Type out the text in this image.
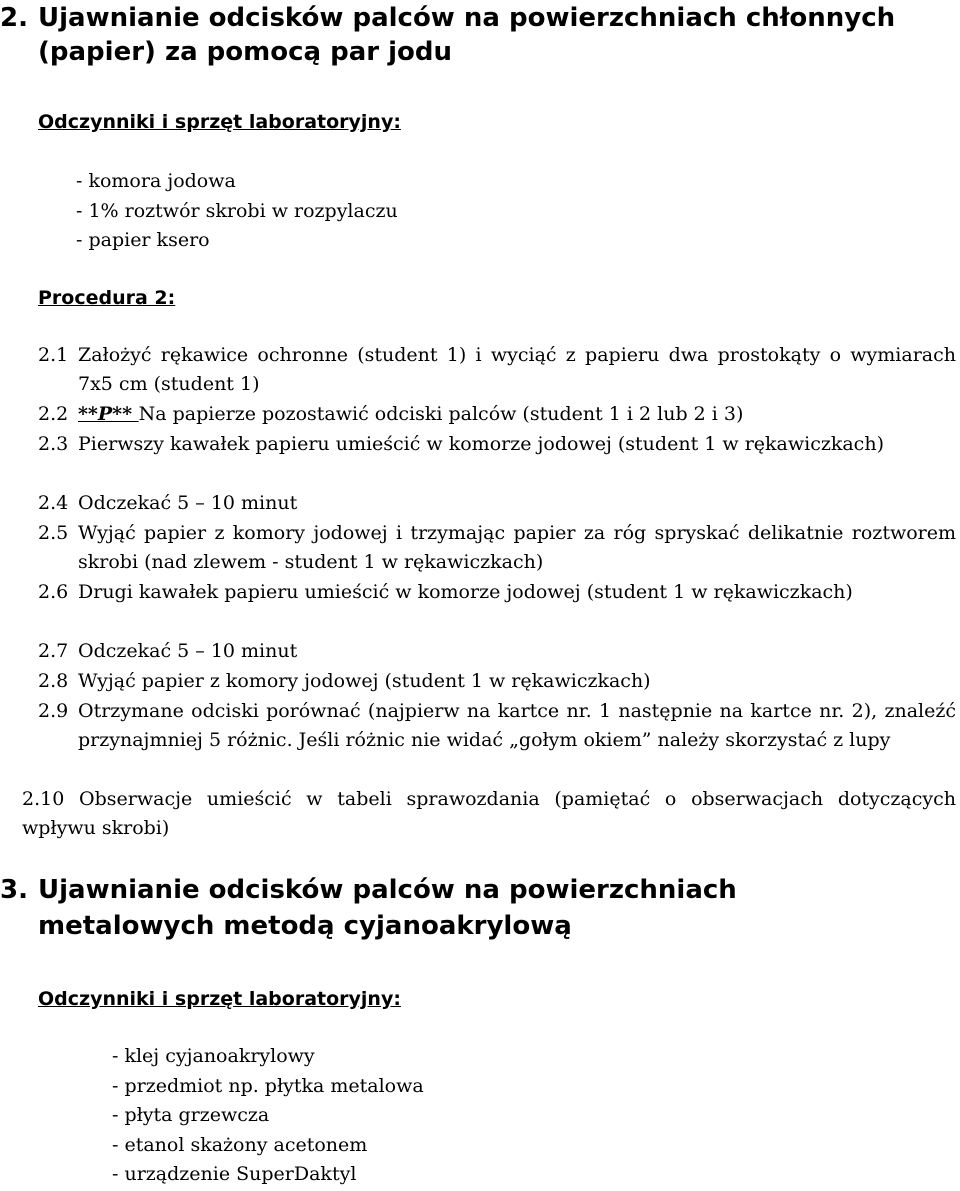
2. Ujawnianie odcisków palców na powierzchniach chłonnych
(papier) za pomocą par jodu
Odczynniki i sprzęt laboratoryjny:
- komora jodowa
- 1% roztwór skrobi w rozpylaczu
- papier ksero
Procedura 2:
2.1 Założyć rękawice ochronne (student 1) i wyciąć z papieru dwa prostokąty o wymiarach 7x5 cm (student 1)
2.2 **P** Na papierze pozostawić odciski palców (student 1 i 2 lub 2 i 3)
2.3 Pierwszy kawałek papieru umieścić w komorze jodowej (student 1 w rękawiczkach)
2.4 Odczekać 5 – 10 minut
2.5 Wyjąć papier z komory jodowej i trzymając papier za róg spryskać delikatnie roztworem skrobi (nad zlewem - student 1 w rękawiczkach)
2.6 Drugi kawałek papieru umieścić w komorze jodowej (student 1 w rękawiczkach)
2.7 Odczekać 5 – 10 minut
2.8 Wyjąć papier z komory jodowej (student 1 w rękawiczkach)
2.9 Otrzymane odciski porównać (najpierw na kartce nr. 1 następnie na kartce nr. 2), znaleźć przynajmniej 5 różnic. Jeśli różnic nie widać „gołym okiem” należy skorzystać z lupy
2.10 Obserwacje umieścić w tabeli sprawozdania (pamiętać o obserwacjach dotyczących wpływu skrobi)
3. Ujawnianie odcisków palców na powierzchniach
metalowych metodą cyjanoakrylową
Odczynniki i sprzęt laboratoryjny:
- klej cyjanoakrylowy
- przedmiot np. płytka metalowa
- płyta grzewcza
- etanol skażony acetonem
- urządzenie SuperDaktyl
